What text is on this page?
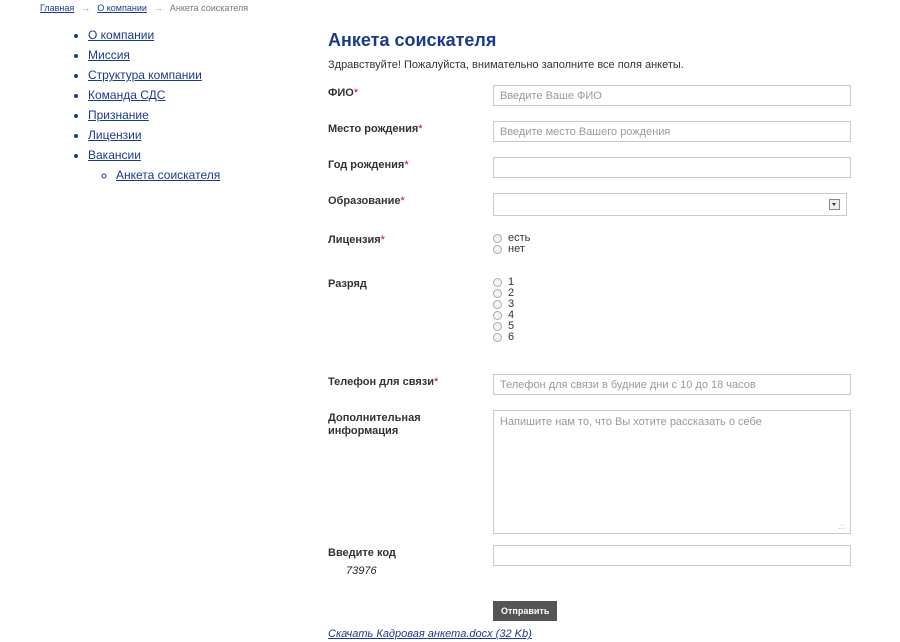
Главная → О компании → Анкета соискателя
• О компании
• Миссия
• Структура компании
• Команда СДС
• Признание
• Лицензии
• Вакансии
◦ Анкета соискателя
Анкета соискателя

Здравствуйте! Пожалуйста, внимательно заполните все поля анкеты.

ФИО*
Введите Ваше ФИО
Место рождения*
Введите место Вашего рождения
Год рождения*
Образование*
Лицензия*	есть
нет
Разряд	1
2
3
4
5
6
Телефон для связи*
Телефон для связи в будние дни с 10 до 18 часов
Дополнительная информация
Напишите нам то, что Вы хотите рассказать о себе
.::
Введите код
73976
Отправить
Скачать Кадровая анкета.docx (32 Kb)
